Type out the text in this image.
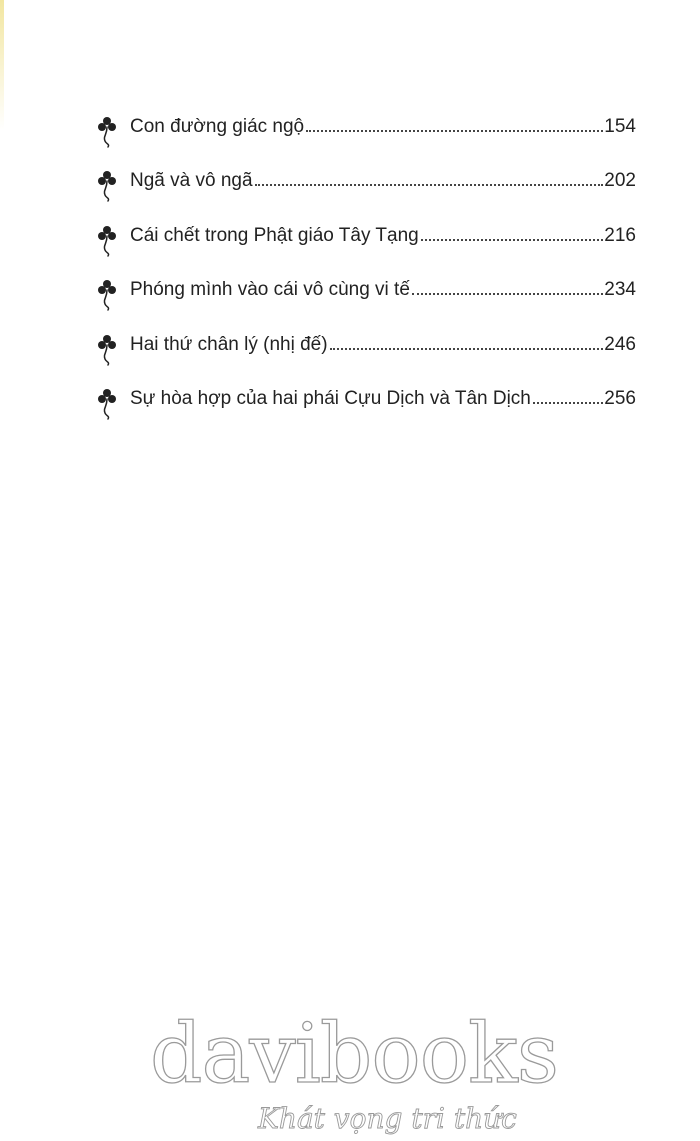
Con đường giác ngộ	154
Ngã và vô ngã	202
Cái chết trong Phật giáo Tây Tạng	216
Phóng mình vào cái vô cùng vi tế	234
Hai thứ chân lý (nhị đế)	246
Sự hòa hợp của hai phái Cựu Dịch và Tân Dịch	256
davibooks
Khát vọng tri thức
